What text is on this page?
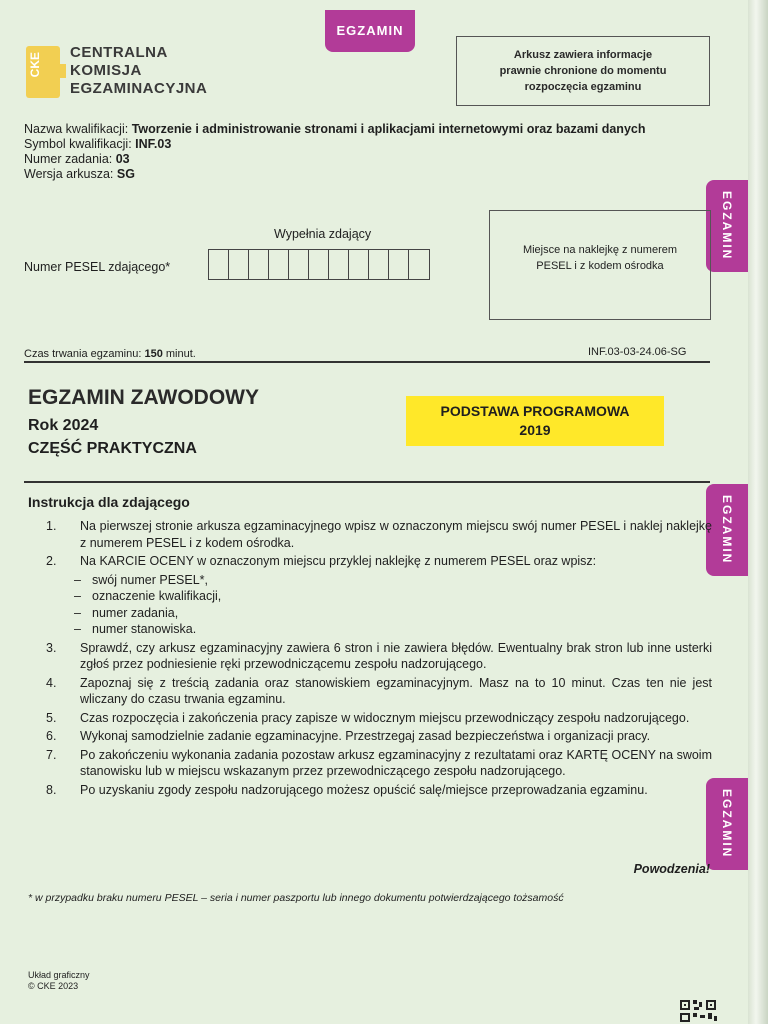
EGZAMIN
EGZAMIN
EGZAMIN
EGZAMIN
CKE CENTRALNA
KOMISJA
EGZAMINACYJNA
Arkusz zawiera informacje
prawnie chronione do momentu
rozpoczęcia egzaminu
Nazwa kwalifikacji: Tworzenie i administrowanie stronami i aplikacjami internetowymi oraz bazami danych
Symbol kwalifikacji: INF.03
Numer zadania: 03
Wersja arkusza: SG
Wypełnia zdający
Numer PESEL zdającego*
Miejsce na naklejkę z numerem
PESEL i z kodem ośrodka
Czas trwania egzaminu: 150 minut.	INF.03-03-24.06-SG
EGZAMIN ZAWODOWY
Rok 2024
CZĘŚĆ PRAKTYCZNA
PODSTAWA PROGRAMOWA
2019
Instrukcja dla zdającego
1.	Na pierwszej stronie arkusza egzaminacyjnego wpisz w oznaczonym miejscu swój numer PESEL i naklej naklejkę z numerem PESEL i z kodem ośrodka.
2.	Na KARCIE OCENY w oznaczonym miejscu przyklej naklejkę z numerem PESEL oraz wpisz:
– swój numer PESEL*,
– oznaczenie kwalifikacji,
– numer zadania,
– numer stanowiska.
3.	Sprawdź, czy arkusz egzaminacyjny zawiera 6 stron i nie zawiera błędów. Ewentualny brak stron lub inne usterki zgłoś przez podniesienie ręki przewodniczącemu zespołu nadzorującego.
4.	Zapoznaj się z treścią zadania oraz stanowiskiem egzaminacyjnym. Masz na to 10 minut. Czas ten nie jest wliczany do czasu trwania egzaminu.
5.	Czas rozpoczęcia i zakończenia pracy zapisze w widocznym miejscu przewodniczący zespołu nadzorującego.
6.	Wykonaj samodzielnie zadanie egzaminacyjne. Przestrzegaj zasad bezpieczeństwa i organizacji pracy.
7.	Po zakończeniu wykonania zadania pozostaw arkusz egzaminacyjny z rezultatami oraz KARTĘ OCENY na swoim stanowisku lub w miejscu wskazanym przez przewodniczącego zespołu nadzorującego.
8.	Po uzyskaniu zgody zespołu nadzorującego możesz opuścić salę/miejsce przeprowadzania egzaminu.
Powodzenia!
* w przypadku braku numeru PESEL – seria i numer paszportu lub innego dokumentu potwierdzającego tożsamość
Układ graficzny
© CKE 2023
